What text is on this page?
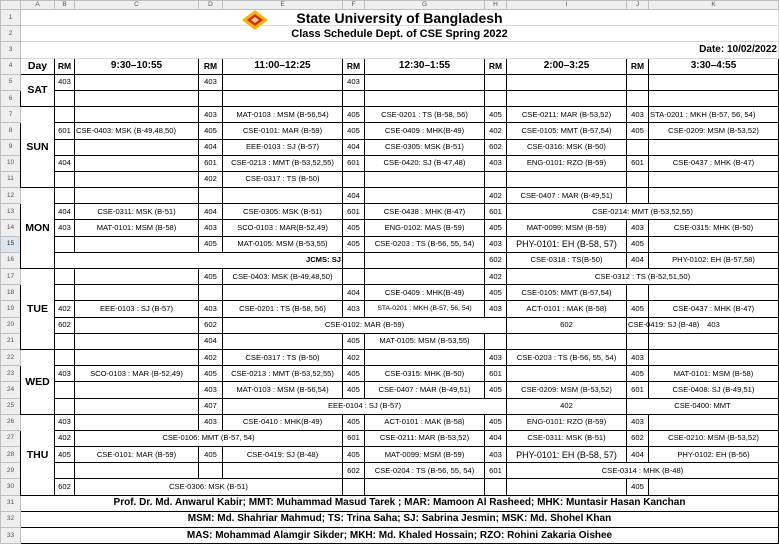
	A	B	C	D	E	F	G	H	I	J	K	
1	State University of Bangladesh											
2	Class Schedule Dept. of CSE Spring 2022											
3	Date: 10/02/2022											
4	Day	RM	9:30–10:55	RM	11:00–12:25	RM	12:30–1:55	RM	2:00–3:25	RM	3:30–4:55	
5	SAT	403		403		403						
6												
7	SUN			403	MAT-0103 : MSM (B-56,54)	405	CSE-0201 : TS (B-58, 56)	405	CSE-0211: MAR (B-53,52)	403	STA-0201 : MKH (B-57, 56, 54)	
8		601	CSE-0403: MSK (B-49,48,50)	405	CSE-0101: MAR (B-59)	405	CSE-0409 : MHK(B-49)	402	CSE-0105: MMT (B-57,54)	405	CSE-0209: MSM (B-53,52)	
9				404	EEE-0103 : SJ (B-57)	404	CSE-0305: MSK (B-51)	602	CSE-0316: MSK (B-50)			
10		404		601	CSE-0213 : MMT (B-53,52,55)	601	CSE-0420: SJ (B-47,48)	403	ENG-0101: RZO (B-59)	601	CSE-0437 : MHK (B-47)	
11				402	CSE-0317 : TS (B-50)							
12	MON					404		402	CSE-0407 : MAR (B-49,51)			
13		404	CSE-0311: MSK (B-51)	404	CSE-0305: MSK (B-51)	601	CSE-0438 : MHK (B-47)	601	CSE-0214: MMT (B-53,52,55)			
14		403	MAT-0101: MSM (B-58)	403	SCO-0103 : MAR(B-52,49)	405	ENG-0102: MAS (B-59)	405	MAT-0099: MSM (B-59)	403	CSE-0315: MHK (B-50)	
15				405	MAT-0105: MSM (B-53,55)	405	CSE-0203 : TS (B-56, 55, 54)	403	PHY-0101: EH (B-58, 57)	405		
16		JCMS: SJ						602	CSE-0318 : TS(B-50)	404	PHY-0102: EH (B-57,58)	
17	TUE			405	CSE-0403: MSK (B-49,48,50)			402	CSE-0312 : TS (B-52,51,50)			
18						404	CSE-0409 : MHK(B-49)	405	CSE-0105: MMT (B-57,54)			
19		402	EEE-0103 : SJ (B-57)	403	CSE-0201 : TS (B-58, 56)	403	STA-0201 : MKH (B-57, 56, 54)	403	ACT-0101 : MAK (B-58)	405	CSE-0437 : MHK (B-47)	
20		602		602	CSE-0102: MAR (B-59)				602	CSE-0419: SJ (B-48)	403	
21				404		405	MAT-0105: MSM (B-53,55)					
22	WED			402	CSE-0317 : TS (B-50)	402		403	CSE-0203 : TS (B-56, 55, 54)	403		
23		403	SCO-0103 : MAR (B-52,49)	405	CSE-0213 : MMT (B-53,52,55)	405	CSE-0315: MHK (B-50)	601		405	MAT-0101: MSM (B-58)	
24				403	MAT-0103 : MSM (B-56,54)	405	CSE-0407 : MAR (B-49,51)	405	CSE-0209: MSM (B-53,52)	601	CSE-0408: SJ (B-49,51)	
25				407	EEE-0104 : SJ (B-57)				402	CSE-0400: MMT		
26	THU	403		403	CSE-0410 : MHK(B-49)	405	ACT-0101 : MAK (B-58)	405	ENG-0101: RZO (B-59)	403		
27		402	CSE-0106: MMT (B-57, 54)			601	CSE-0211: MAR (B-53,52)	404	CSE-0311: MSK (B-51)	602	CSE-0210: MSM (B-53,52)	
28		405	CSE-0101: MAR (B-59)	405	CSE-0419: SJ (B-48)	405	MAT-0099: MSM (B-59)	403	PHY-0101: EH (B-58, 57)	404	PHY-0102: EH (B-56)	
29						602	CSE-0204 : TS (B-56, 55, 54)	601	CSE-0314 : MHK (B-48)			
30		602	CSE-0306: MSK (B-51)							405		
31	Prof. Dr. Md. Anwarul Kabir; MMT: Muhammad Masud Tarek ; MAR: Mamoon Al Rasheed; MHK: Muntasir Hasan Kanchan											
32	MSM: Md. Shahriar Mahmud; TS: Trina Saha; SJ: Sabrina Jesmin; MSK: Md. Shohel Khan											
33	MAS: Mohammad Alamgir Sikder; MKH: Md. Khaled Hossain; RZO: Rohini Zakaria Oishee											
